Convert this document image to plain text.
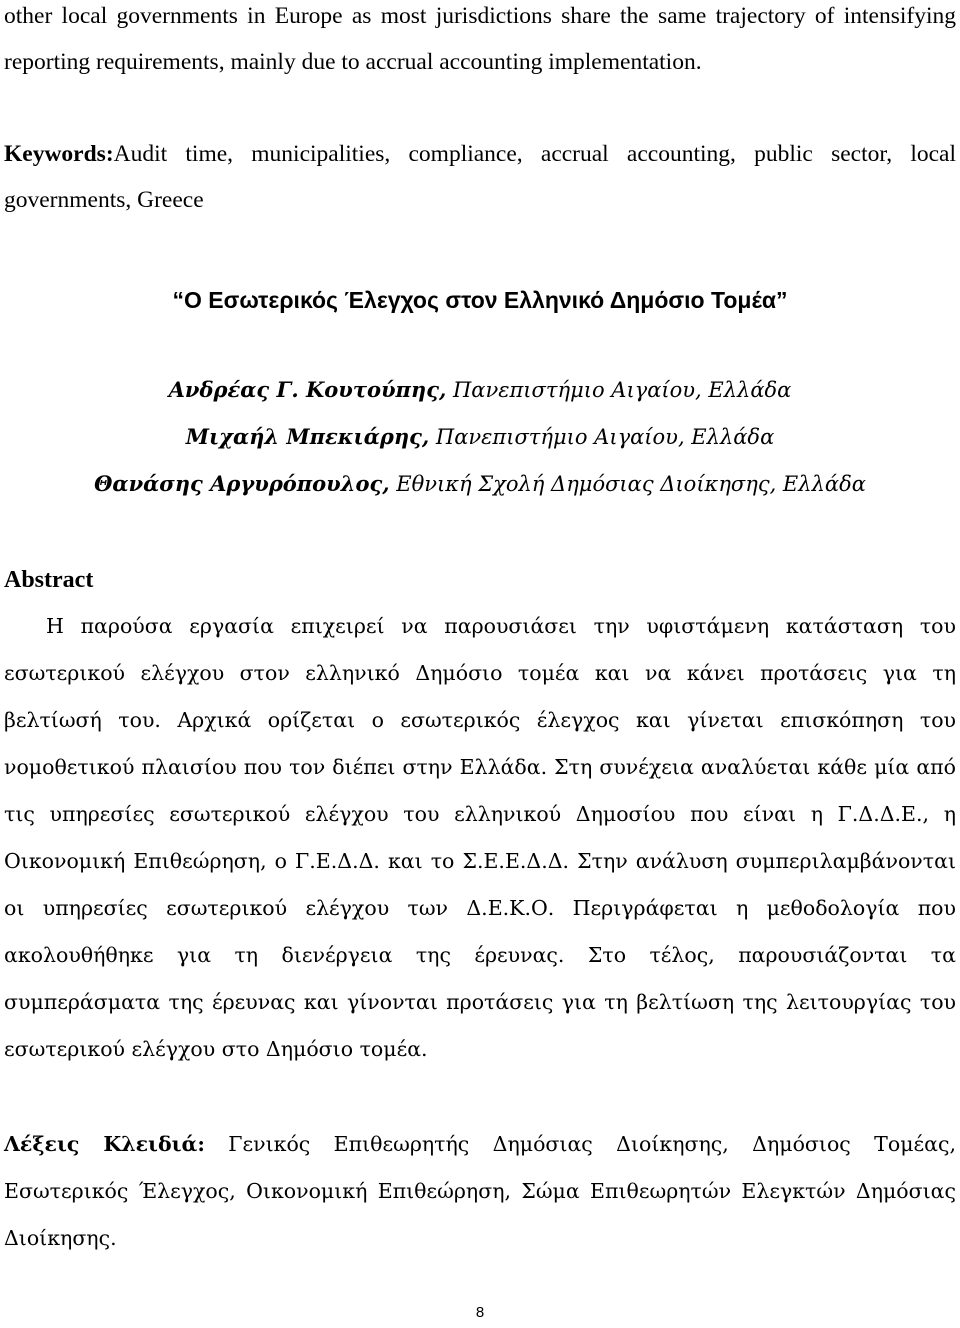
other local governments in Europe as most jurisdictions share the same trajectory of intensifying reporting requirements, mainly due to accrual accounting implementation.

Keywords:Audit time, municipalities, compliance, accrual accounting, public sector, local governments, Greece

“Ο Εσωτερικός Έλεγχος στον Ελληνικό Δημόσιο Τομέα”

Ανδρέας Γ. Κουτούπης, Πανεπιστήμιο Αιγαίου, Ελλάδα

Μιχαήλ Μπεκιάρης, Πανεπιστήμιο Αιγαίου, Ελλάδα

Θανάσης Αργυρόπουλος, Εθνική Σχολή Δημόσιας Διοίκησης, Ελλάδα

Abstract

Η παρούσα εργασία επιχειρεί να παρουσιάσει την υφιστάμενη κατάσταση του εσωτερικού ελέγχου στον ελληνικό Δημόσιο τομέα και να κάνει προτάσεις για τη βελτίωσή του. Αρχικά ορίζεται ο εσωτερικός έλεγχος και γίνεται επισκόπηση του νομοθετικού πλαισίου που τον διέπει στην Ελλάδα. Στη συνέχεια αναλύεται κάθε μία από τις υπηρεσίες εσωτερικού ελέγχου του ελληνικού Δημοσίου που είναι η Γ.Δ.Δ.Ε., η Οικονομική Επιθεώρηση, ο Γ.Ε.Δ.Δ. και το Σ.Ε.Ε.Δ.Δ. Στην ανάλυση συμπεριλαμβάνονται οι υπηρεσίες εσωτερικού ελέγχου των Δ.Ε.Κ.Ο. Περιγράφεται η μεθοδολογία που ακολουθήθηκε για τη διενέργεια της έρευνας. Στο τέλος, παρουσιάζονται τα συμπεράσματα της έρευνας και γίνονται προτάσεις για τη βελτίωση της λειτουργίας του εσωτερικού ελέγχου στο Δημόσιο τομέα.

Λέξεις Κλειδιά: Γενικός Επιθεωρητής Δημόσιας Διοίκησης, Δημόσιος Τομέας, Εσωτερικός Έλεγχος, Οικονομική Επιθεώρηση, Σώμα Επιθεωρητών Ελεγκτών Δημόσιας Διοίκησης.

8
